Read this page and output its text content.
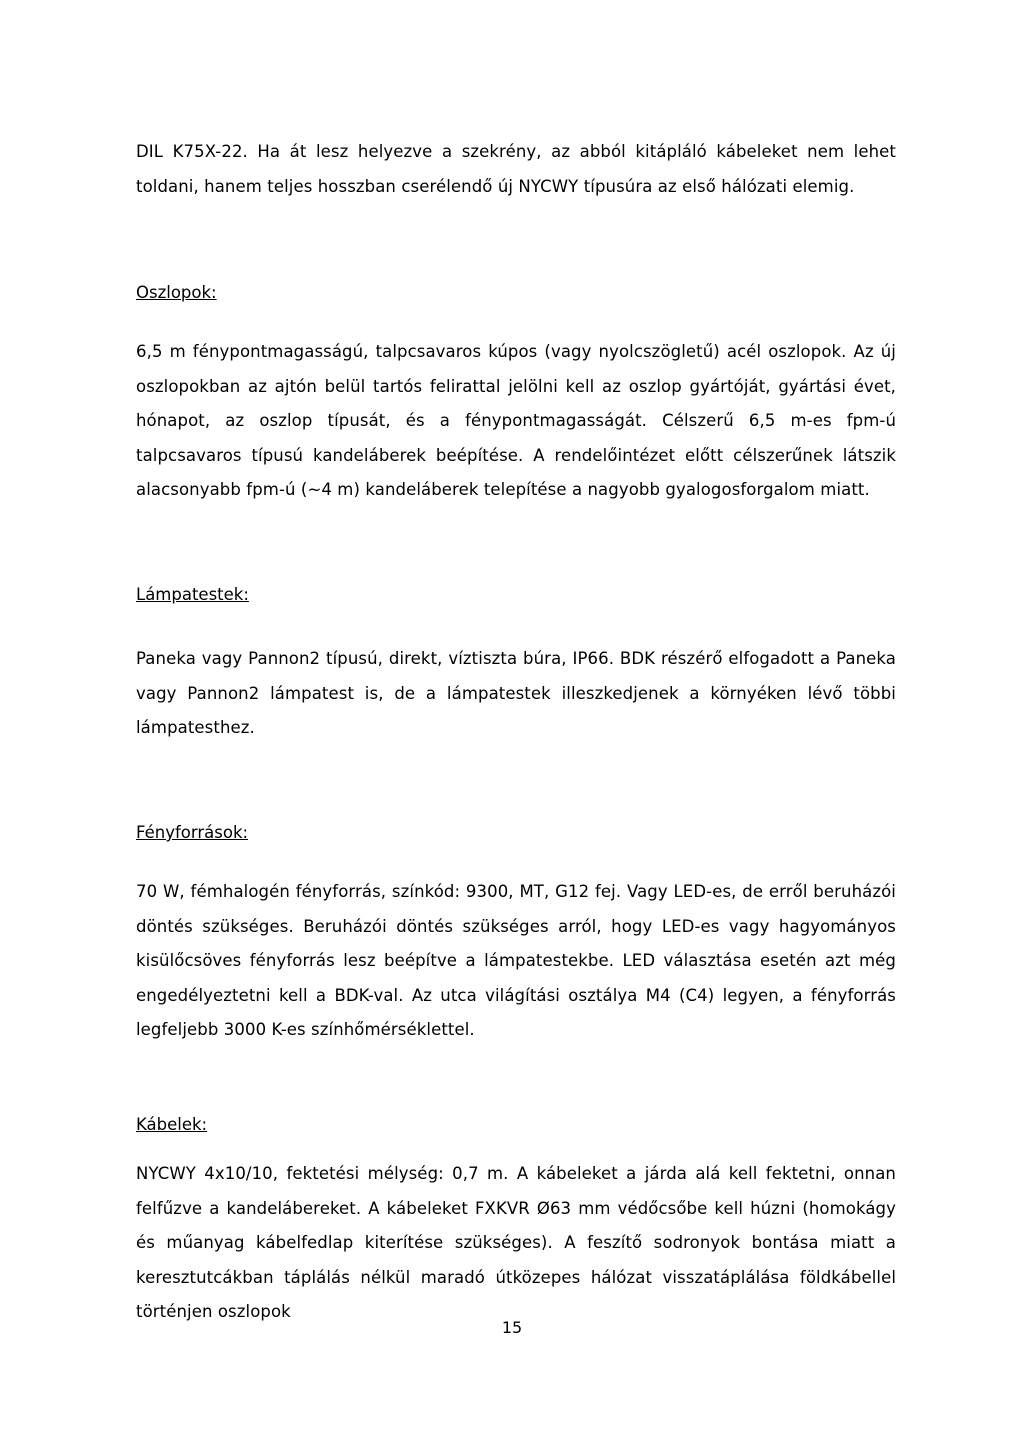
DIL K75X-22. Ha át lesz helyezve a szekrény, az abból kitápláló kábeleket nem lehet toldani, hanem teljes hosszban cserélendő új NYCWY típusúra az első hálózati elemig.

Oszlopok:

6,5 m fénypontmagasságú, talpcsavaros kúpos (vagy nyolcszögletű) acél oszlopok. Az új oszlopokban az ajtón belül tartós felirattal jelölni kell az oszlop gyártóját, gyártási évet, hónapot, az oszlop típusát, és a fénypontmagasságát. Célszerű 6,5 m-es fpm-ú talpcsavaros típusú kandeláberek beépítése. A rendelőintézet előtt célszerűnek látszik alacsonyabb fpm-ú (~4 m) kandeláberek telepítése a nagyobb gyalogosforgalom miatt.

Lámpatestek:

Paneka vagy Pannon2 típusú, direkt, víztiszta búra, IP66. BDK részérő elfogadott a Paneka vagy Pannon2 lámpatest is, de a lámpatestek illeszkedjenek a környéken lévő többi lámpatesthez.

Fényforrások:

70 W, fémhalogén fényforrás, színkód: 9300, MT, G12 fej. Vagy LED-es, de erről beruházói döntés szükséges. Beruházói döntés szükséges arról, hogy LED-es vagy hagyományos kisülőcsöves fényforrás lesz beépítve a lámpatestekbe. LED választása esetén azt még engedélyeztetni kell a BDK-val. Az utca világítási osztálya M4 (C4) legyen, a fényforrás legfeljebb 3000 K-es színhőmérséklettel.

Kábelek:

NYCWY 4x10/10, fektetési mélység: 0,7 m. A kábeleket a járda alá kell fektetni, onnan felfűzve a kandelábereket. A kábeleket FXKVR Ø63 mm védőcsőbe kell húzni (homokágy és műanyag kábelfedlap kiterítése szükséges). A feszítő sodronyok bontása miatt a keresztutcákban táplálás nélkül maradó útközepes hálózat visszatáplálása földkábellel történjen oszlopok

15
